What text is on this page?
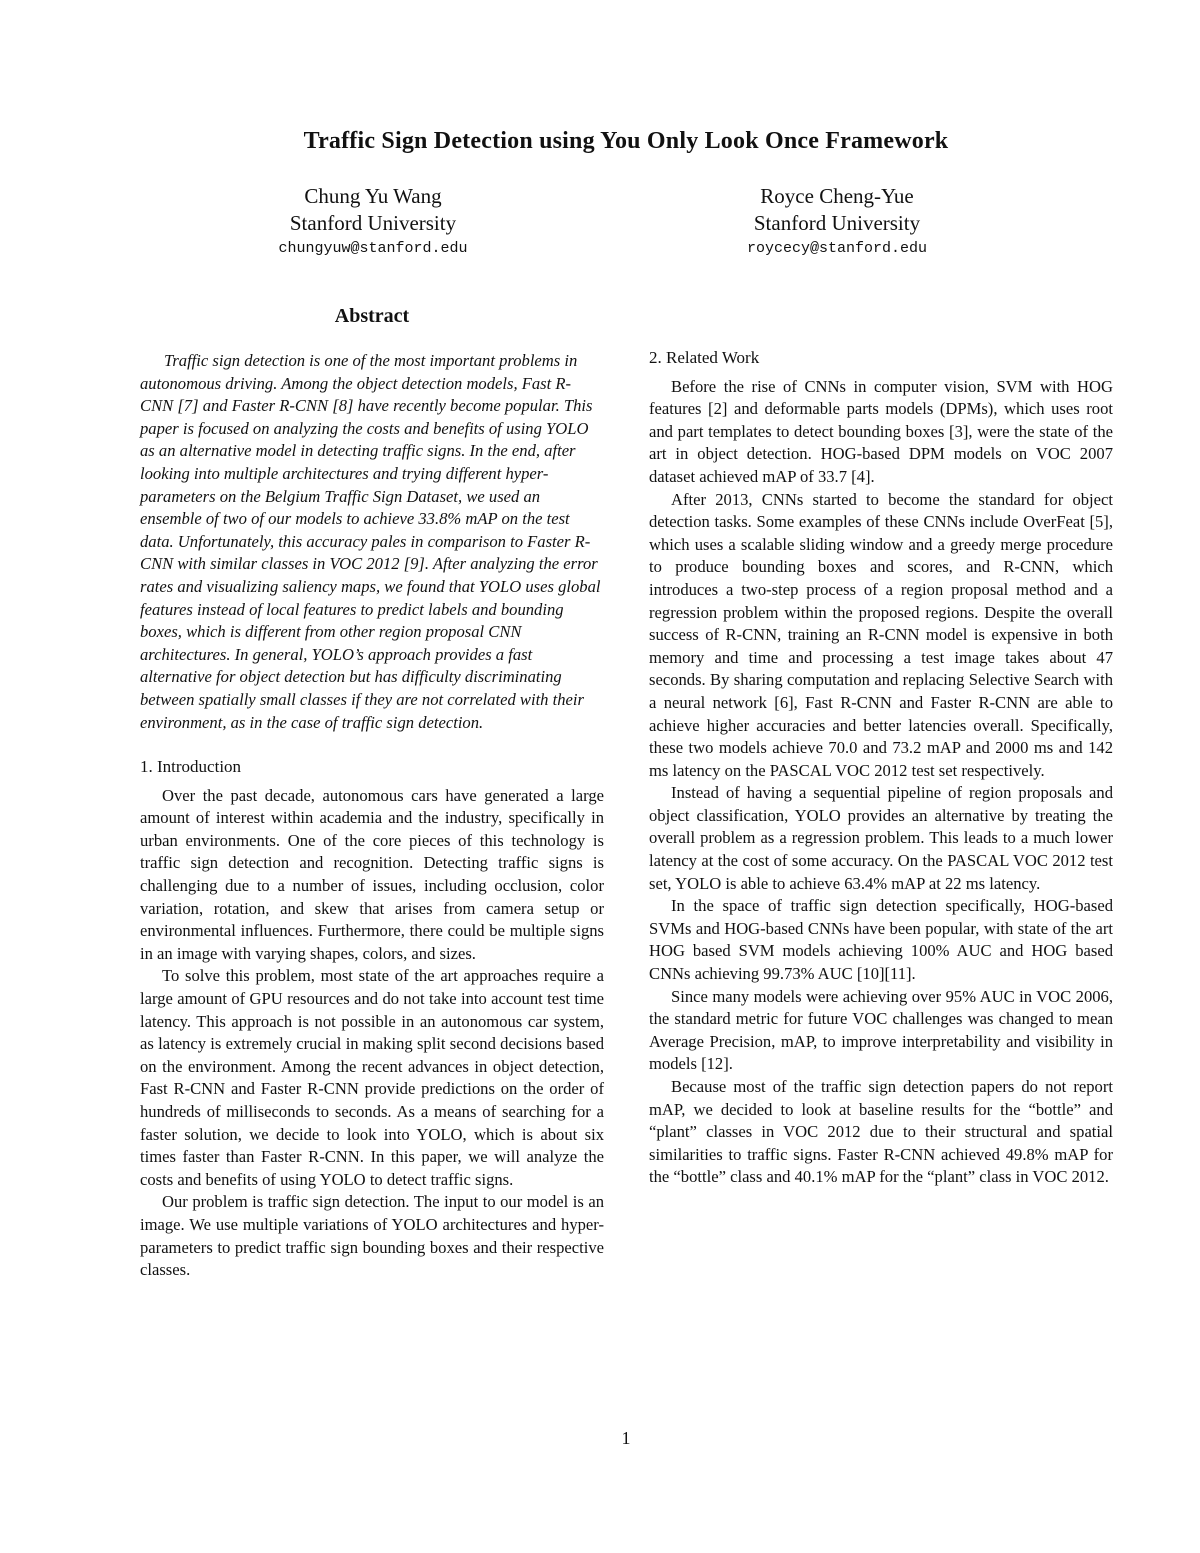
Traffic Sign Detection using You Only Look Once Framework
Chung Yu Wang
Stanford University
chungyuw@stanford.edu
Royce Cheng-Yue
Stanford University
roycecy@stanford.edu
Abstract

Traffic sign detection is one of the most important problems in autonomous driving. Among the object detection models, Fast R-CNN [7] and Faster R-CNN [8] have recently become popular. This paper is focused on analyzing the costs and benefits of using YOLO as an alternative model in detecting traffic signs. In the end, after looking into multiple architectures and trying different hyper-parameters on the Belgium Traffic Sign Dataset, we used an ensemble of two of our models to achieve 33.8% mAP on the test data. Unfortunately, this accuracy pales in comparison to Faster R-CNN with similar classes in VOC 2012 [9]. After analyzing the error rates and visualizing saliency maps, we found that YOLO uses global features instead of local features to predict labels and bounding boxes, which is different from other region proposal CNN architectures. In general, YOLO’s approach provides a fast alternative for object detection but has difficulty discriminating between spatially small classes if they are not correlated with their environment, as in the case of traffic sign detection.

1. Introduction

Over the past decade, autonomous cars have generated a large amount of interest within academia and the industry, specifically in urban environments. One of the core pieces of this technology is traffic sign detection and recognition. Detecting traffic signs is challenging due to a number of issues, including occlusion, color variation, rotation, and skew that arises from camera setup or environmental influences. Furthermore, there could be multiple signs in an image with varying shapes, colors, and sizes.

To solve this problem, most state of the art approaches require a large amount of GPU resources and do not take into account test time latency. This approach is not possible in an autonomous car system, as latency is extremely crucial in making split second decisions based on the environment. Among the recent advances in object detection, Fast R-CNN and Faster R-CNN provide predictions on the order of hundreds of milliseconds to seconds. As a means of searching for a faster solution, we decide to look into YOLO, which is about six times faster than Faster R-CNN. In this paper, we will analyze the costs and benefits of using YOLO to detect traffic signs.

Our problem is traffic sign detection. The input to our model is an image. We use multiple variations of YOLO architectures and hyper-parameters to predict traffic sign bounding boxes and their respective classes.

2. Related Work

Before the rise of CNNs in computer vision, SVM with HOG features [2] and deformable parts models (DPMs), which uses root and part templates to detect bounding boxes [3], were the state of the art in object detection. HOG-based DPM models on VOC 2007 dataset achieved mAP of 33.7 [4].

After 2013, CNNs started to become the standard for object detection tasks. Some examples of these CNNs include OverFeat [5], which uses a scalable sliding window and a greedy merge procedure to produce bounding boxes and scores, and R-CNN, which introduces a two-step process of a region proposal method and a regression problem within the proposed regions. Despite the overall success of R-CNN, training an R-CNN model is expensive in both memory and time and processing a test image takes about 47 seconds. By sharing computation and replacing Selective Search with a neural network [6], Fast R-CNN and Faster R-CNN are able to achieve higher accuracies and better latencies overall. Specifically, these two models achieve 70.0 and 73.2 mAP and 2000 ms and 142 ms latency on the PASCAL VOC 2012 test set respectively.

Instead of having a sequential pipeline of region proposals and object classification, YOLO provides an alternative by treating the overall problem as a regression problem. This leads to a much lower latency at the cost of some accuracy. On the PASCAL VOC 2012 test set, YOLO is able to achieve 63.4% mAP at 22 ms latency.

In the space of traffic sign detection specifically, HOG-based SVMs and HOG-based CNNs have been popular, with state of the art HOG based SVM models achieving 100% AUC and HOG based CNNs achieving 99.73% AUC [10][11].

Since many models were achieving over 95% AUC in VOC 2006, the standard metric for future VOC challenges was changed to mean Average Precision, mAP, to improve interpretability and visibility in models [12].

Because most of the traffic sign detection papers do not report mAP, we decided to look at baseline results for the “bottle” and “plant” classes in VOC 2012 due to their structural and spatial similarities to traffic signs. Faster R-CNN achieved 49.8% mAP for the “bottle” class and 40.1% mAP for the “plant” class in VOC 2012.

1
